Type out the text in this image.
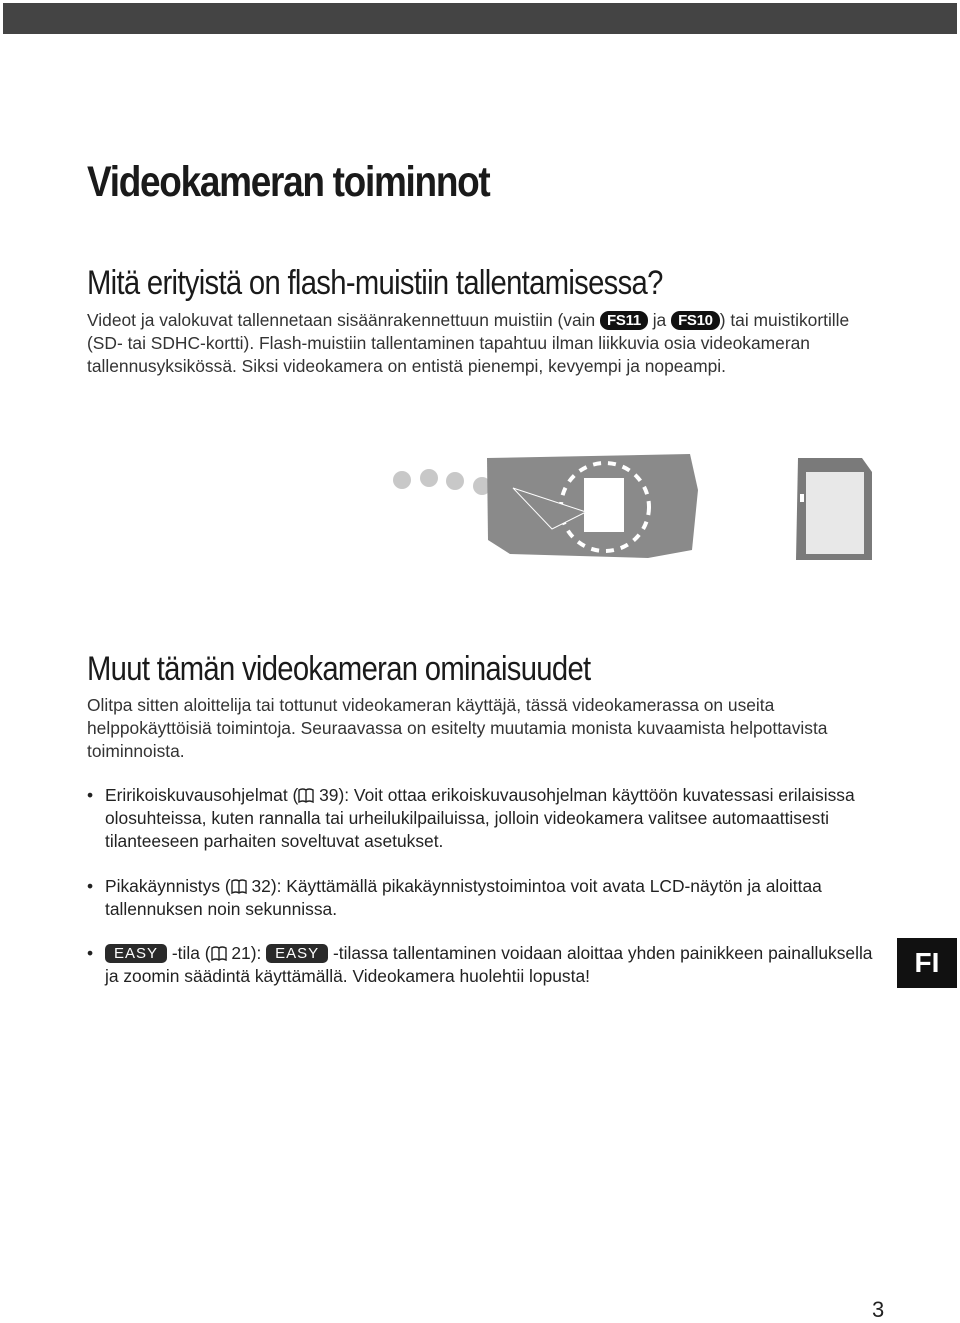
Videokameran toiminnot
Mitä erityistä on flash-muistiin tallentamisessa?

Videot ja valokuvat tallennetaan sisäänrakennettuun muistiin (vain FS11 ja FS10 ) tai muistikortille (SD- tai SDHC-kortti). Flash-muistiin tallentaminen tapahtuu ilman liikkuvia osia videokameran tallennusyksikössä. Siksi videokamera on entistä pienempi, kevyempi ja nopeampi.

Muut tämän videokameran ominaisuudet

Olitpa sitten aloittelija tai tottunut videokameran käyttäjä, tässä videokamerassa on useita helppokäyttöisiä toimintoja. Seuraavassa on esitelty muutamia monista kuvaamista helpottavista toiminnoista.

• Eririkoiskuvausohjelmat ( 39): Voit ottaa erikoiskuvausohjelman käyttöön kuvatessasi erilaisissa olosuhteissa, kuten rannalla tai urheilukilpailuissa, jolloin videokamera valitsee automaattisesti tilanteeseen parhaiten soveltuvat asetukset.
• Pikakäynnistys ( 32): Käyttämällä pikakäynnistystoimintoa voit avata LCD-näytön ja aloittaa tallennuksen noin sekunnissa.
•	EASY -tila ( 21): EASY -tilassa tallentaminen voidaan aloittaa yhden painikkeen painalluksella ja zoomin säädintä käyttämällä. Videokamera huolehtii lopusta!	FI
3
